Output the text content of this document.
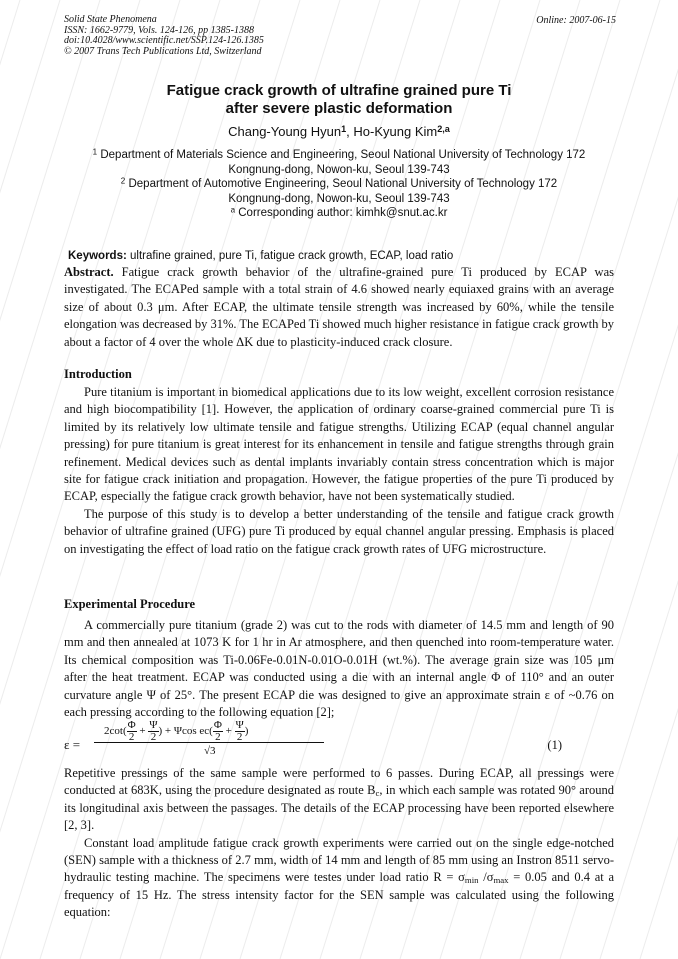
Solid State Phenomena
ISSN: 1662-9779, Vols. 124-126, pp 1385-1388
doi:10.4028/www.scientific.net/SSP.124-126.1385
© 2007 Trans Tech Publications Ltd, Switzerland
Online: 2007-06-15
Fatigue crack growth of ultrafine grained pure Ti
after severe plastic deformation
Chang-Young Hyun$^1$, Ho-Kyung Kim$^{2,a}$
$^1$ Department of Materials Science and Engineering, Seoul National University of Technology 172
Kongnung-dong, Nowon-ku, Seoul 139-743
$^2$ Department of Automotive Engineering, Seoul National University of Technology 172
Kongnung-dong, Nowon-ku, Seoul 139-743
$^a$ Corresponding author: kimhk@snut.ac.kr
Keywords: ultrafine grained, pure Ti, fatigue crack growth, ECAP, load ratio

Abstract. Fatigue crack growth behavior of the ultrafine-grained pure Ti produced by ECAP was investigated. The ECAPed sample with a total strain of 4.6 showed nearly equiaxed grains with an average size of about 0.3 μm. After ECAP, the ultimate tensile strength was increased by 60%, while the tensile elongation was decreased by 31%. The ECAPed Ti showed much higher resistance in fatigue crack growth by about a factor of 4 over the whole ΔK due to plasticity-induced crack closure.

Introduction

Pure titanium is important in biomedical applications due to its low weight, excellent corrosion resistance and high biocompatibility [1]. However, the application of ordinary coarse-grained commercial pure Ti is limited by its relatively low ultimate tensile and fatigue strengths. Utilizing ECAP (equal channel angular pressing) for pure titanium is great interest for its enhancement in tensile and fatigue strengths through grain refinement. Medical devices such as dental implants invariably contain stress concentration which is major site for fatigue crack initiation and propagation. However, the fatigue properties of the pure Ti produced by ECAP, especially the fatigue crack growth behavior, have not been systematically studied.

The purpose of this study is to develop a better understanding of the tensile and fatigue crack growth behavior of ultrafine grained (UFG) pure Ti produced by equal channel angular pressing. Emphasis is placed on investigating the effect of load ratio on the fatigue crack growth rates of UFG microstructure.

Experimental Procedure

A commercially pure titanium (grade 2) was cut to the rods with diameter of 14.5 mm and length of 90 mm and then annealed at 1073 K for 1 hr in Ar atmosphere, and then quenched into room-temperature water. Its chemical composition was Ti-0.06Fe-0.01N-0.01O-0.01H (wt.%). The average grain size was 105 μm after the heat treatment. ECAP was conducted using a die with an internal angle Φ of 110° and an outer curvature angle Ψ of 25°. The present ECAP die was designed to give an approximate strain ε of ~0.76 on each pressing according to the following equation [2];

ε =
$2\cot( \frac{\Phi}{2} + \frac{\Psi}{2}$ ) + Ψcos $ec( \frac{\Phi}{2} + \frac{\Psi}{2}$ )
√3	(1)

Repetitive pressings of the same sample were performed to 6 passes. During ECAP, all pressings were conducted at 683K, using the procedure designated as route $B_c$, in which each sample was rotated 90° around its longitudinal axis between the passages. The details of the ECAP processing have been reported elsewhere [2, 3].

Constant load amplitude fatigue crack growth experiments were carried out on the single edge-notched (SEN) sample with a thickness of 2.7 mm, width of 14 mm and length of 85 mm using an Instron 8511 servo-hydraulic testing machine. The specimens were testes under load ratio $R = \sigma_{min}$ $/\sigma_{max} = 0.05$ and 0.4 at a frequency of 15 Hz. The stress intensity factor for the SEN sample was calculated using the following equation:
